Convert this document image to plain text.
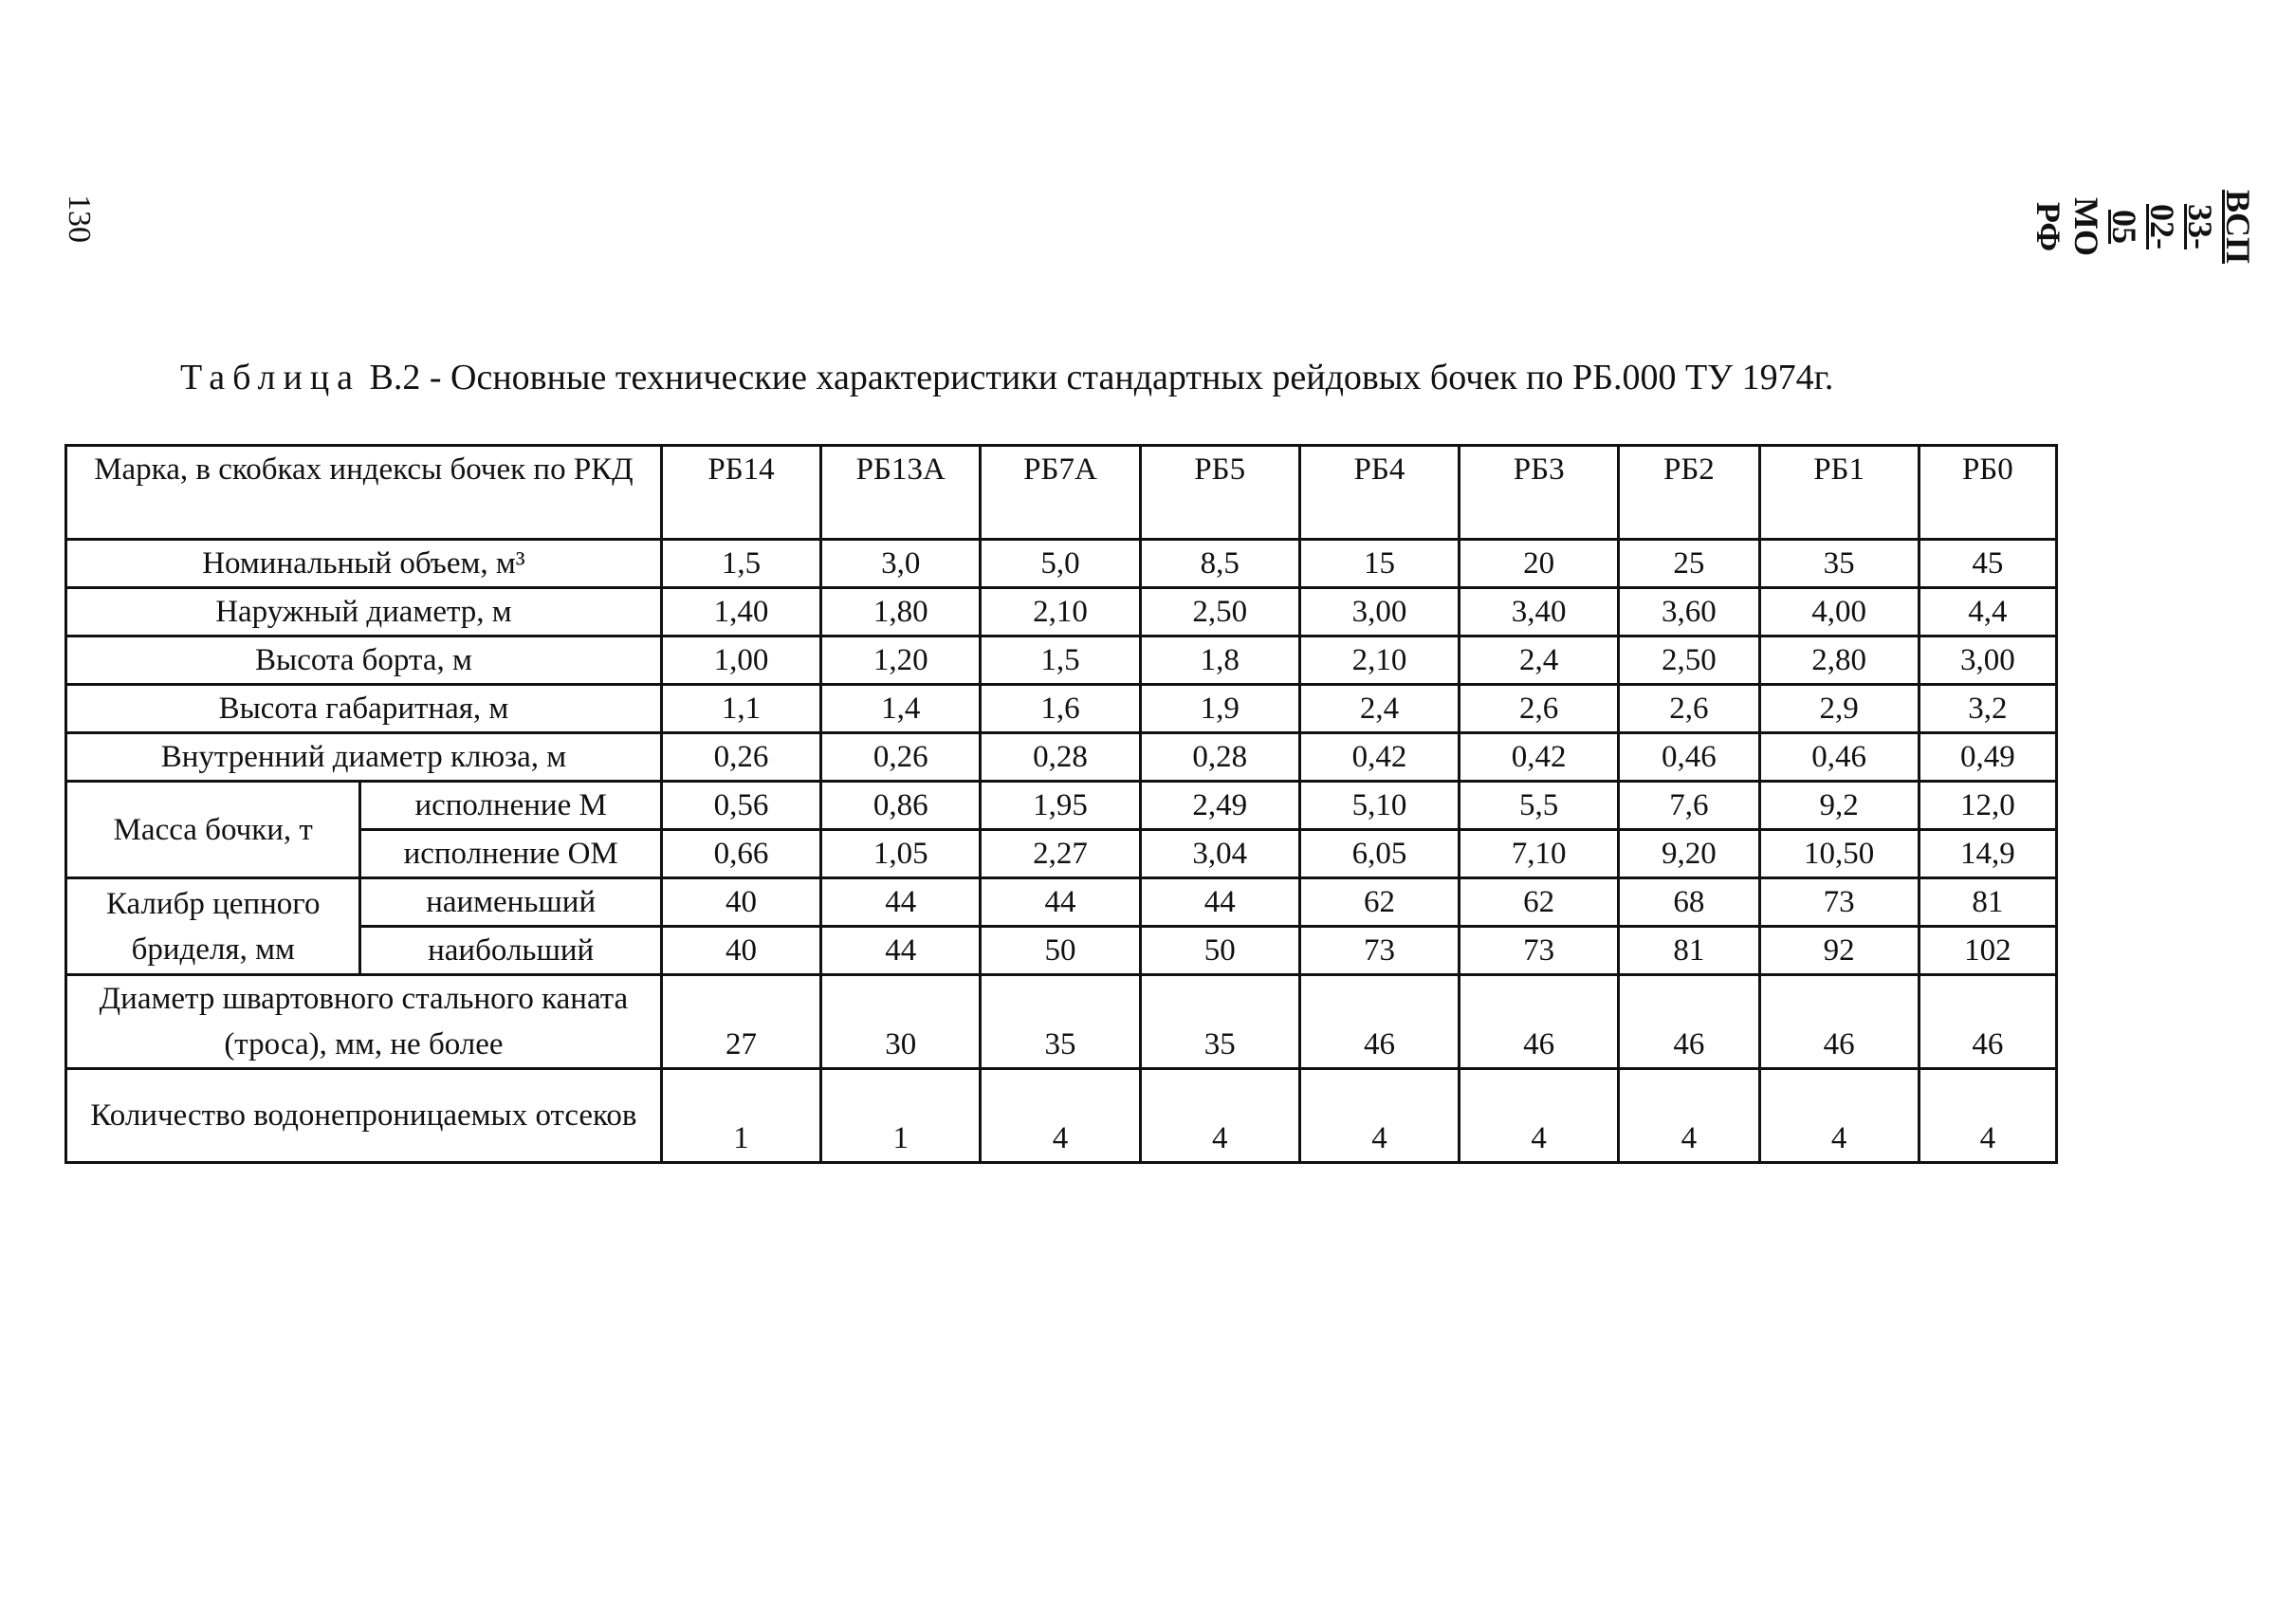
130	ВСП 33-02-05
МО РФ
Таблица В.2 - Основные технические характеристики стандартных рейдовых бочек по РБ.000 ТУ 1974г.
Марка, в скобках индексы бочек по РКД		РБ14	РБ13А	РБ7А	РБ5	РБ4	РБ3	РБ2	РБ1	РБ0
Номинальный объем, м³		1,5	3,0	5,0	8,5	15	20	25	35	45
Наружный диаметр, м		1,40	1,80	2,10	2,50	3,00	3,40	3,60	4,00	4,4
Высота борта, м		1,00	1,20	1,5	1,8	2,10	2,4	2,50	2,80	3,00
Высота габаритная, м		1,1	1,4	1,6	1,9	2,4	2,6	2,6	2,9	3,2
Внутренний диаметр клюза, м		0,26	0,26	0,28	0,28	0,42	0,42	0,46	0,46	0,49
Масса бочки, т	исполнение М	0,56	0,86	1,95	2,49	5,10	5,5	7,6	9,2	12,0
	исполнение ОМ	0,66	1,05	2,27	3,04	6,05	7,10	9,20	10,50	14,9
Калибр цепного бриделя, мм	наименьший	40	44	44	44	62	62	68	73	81
	наибольший	40	44	50	50	73	73	81	92	102
Диаметр швартовного стального каната (троса), мм, не более		27	30	35	35	46	46	46	46	46
Количество водонепроницаемых отсеков		1	1	4	4	4	4	4	4	4
